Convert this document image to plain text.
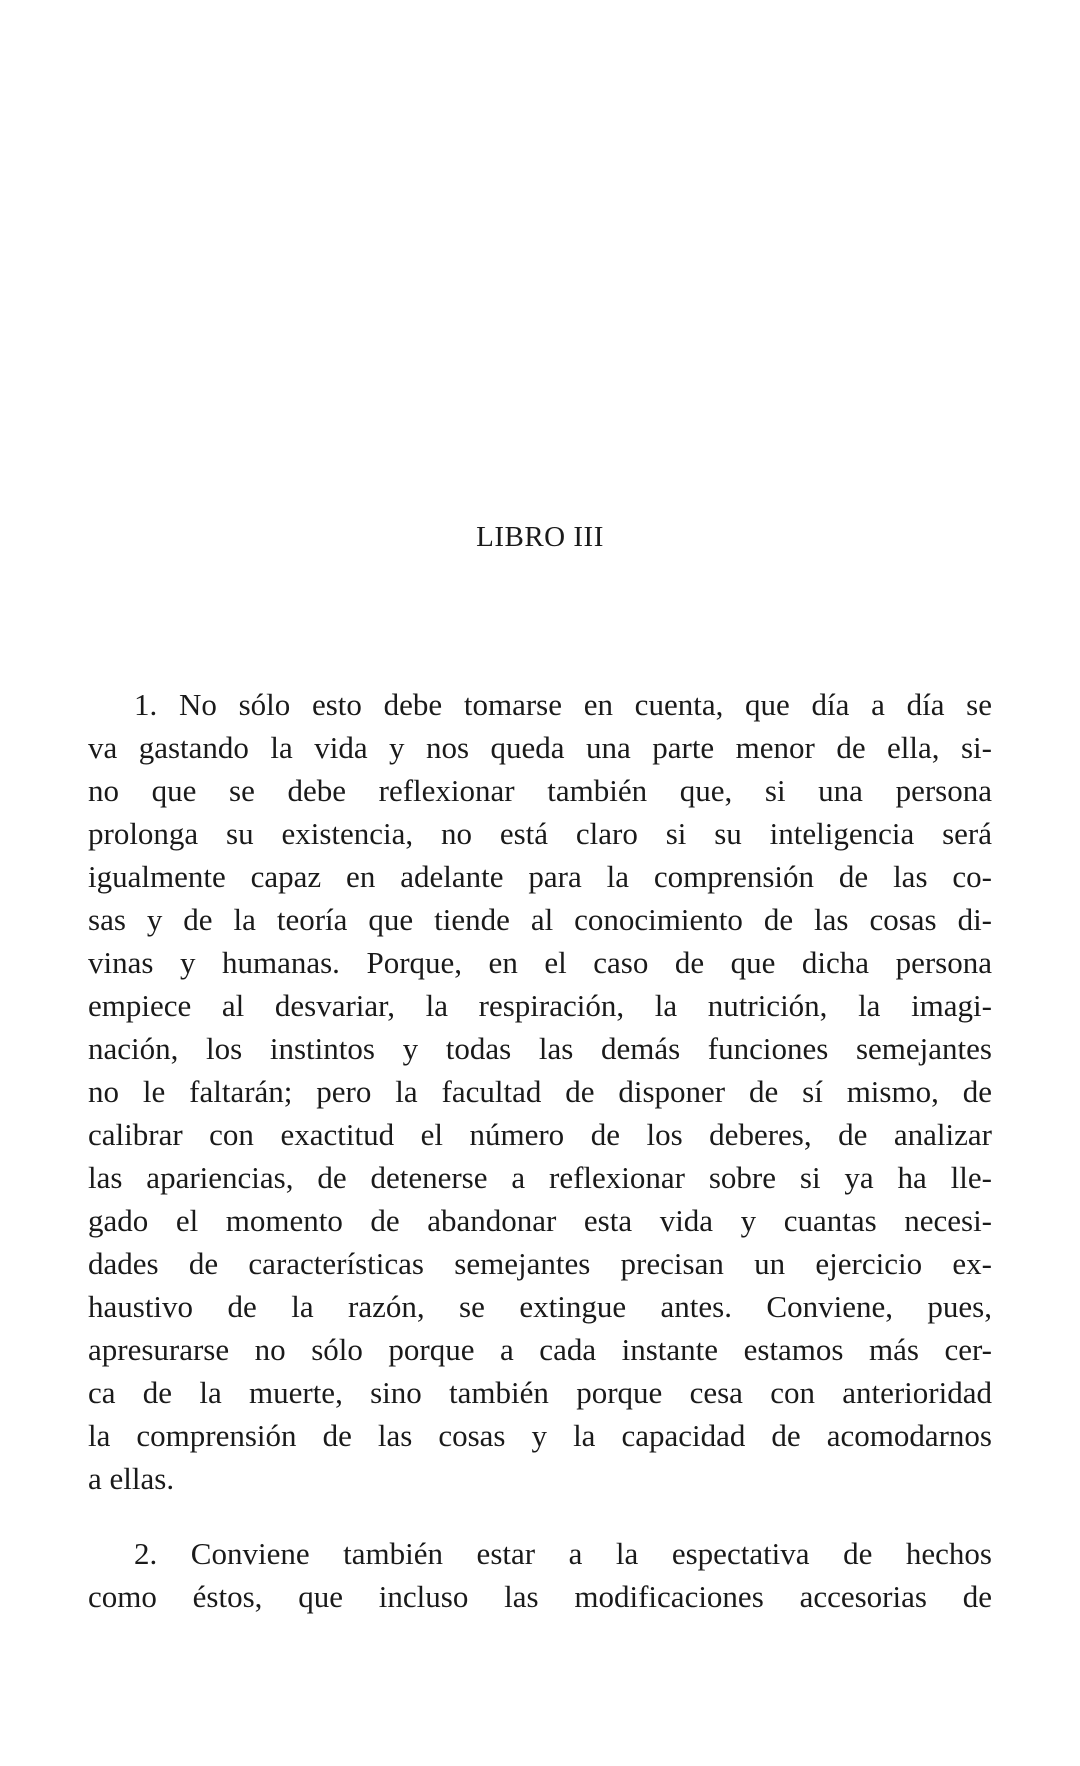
LIBRO III
1. No sólo esto debe tomarse en cuenta, que día a día se
va gastando la vida y nos queda una parte menor de ella, si-
no que se debe reflexionar también que, si una persona
prolonga su existencia, no está claro si su inteligencia será
igualmente capaz en adelante para la comprensión de las co-
sas y de la teoría que tiende al conocimiento de las cosas di-
vinas y humanas. Porque, en el caso de que dicha persona
empiece al desvariar, la respiración, la nutrición, la imagi-
nación, los instintos y todas las demás funciones semejantes
no le faltarán; pero la facultad de disponer de sí mismo, de
calibrar con exactitud el número de los deberes, de analizar
las apariencias, de detenerse a reflexionar sobre si ya ha lle-
gado el momento de abandonar esta vida y cuantas necesi-
dades de características semejantes precisan un ejercicio ex-
haustivo de la razón, se extingue antes. Conviene, pues,
apresurarse no sólo porque a cada instante estamos más cer-
ca de la muerte, sino también porque cesa con anterioridad
la comprensión de las cosas y la capacidad de acomodarnos
a ellas.
2. Conviene también estar a la espectativa de hechos
como éstos, que incluso las modificaciones accesorias de
